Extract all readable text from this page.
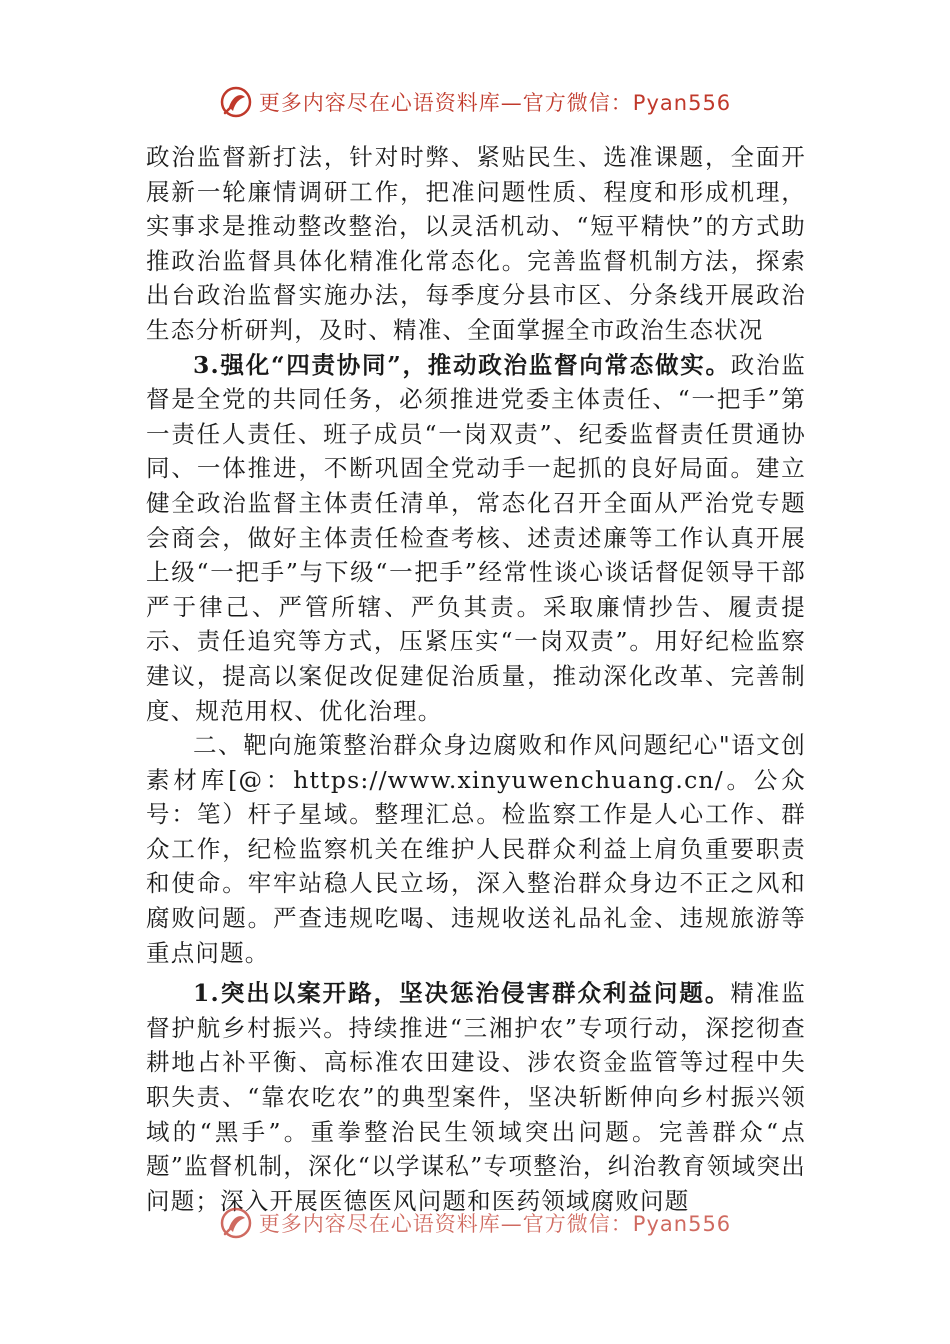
更多内容尽在心语资料库—官方微信：Pyan556

政治监督新打法，针对时弊、紧贴民生、选准课题，全面开展新一轮廉情调研工作，把准问题性质、程度和形成机理，实事求是推动整改整治，以灵活机动、“短平精快”的方式助推政治监督具体化精准化常态化。完善监督机制方法，探索出台政治监督实施办法，每季度分县市区、分条线开展政治生态分析研判，及时、精准、全面掌握全市政治生态状况

3.强化“四责协同”，推动政治监督向常态做实。政治监督是全党的共同任务，必须推进党委主体责任、“一把手”第一责任人责任、班子成员“一岗双责”、纪委监督责任贯通协同、一体推进，不断巩固全党动手一起抓的良好局面。建立健全政治监督主体责任清单，常态化召开全面从严治党专题会商会，做好主体责任检查考核、述责述廉等工作认真开展上级“一把手”与下级“一把手”经常性谈心谈话督促领导干部严于律己、严管所辖、严负其责。采取廉情抄告、履责提示、责任追究等方式，压紧压实“一岗双责”。用好纪检监察建议，提高以案促改促建促治质量，推动深化改革、完善制度、规范用权、优化治理。

二、靶向施策整治群众身边腐败和作风问题纪心"语文创素材库[@：https://www.xinyuwenchuang.cn/。公众号：笔）杆子星域。整理汇总。检监察工作是人心工作、群众工作，纪检监察机关在维护人民群众利益上肩负重要职责和使命。牢牢站稳人民立场，深入整治群众身边不正之风和腐败问题。严查违规吃喝、违规收送礼品礼金、违规旅游等重点问题。

1.突出以案开路，坚决惩治侵害群众利益问题。精准监督护航乡村振兴。持续推进“三湘护农”专项行动，深挖彻查耕地占补平衡、高标准农田建设、涉农资金监管等过程中失职失责、“靠农吃农”的典型案件，坚决斩断伸向乡村振兴领域的“黑手”。重拳整治民生领域突出问题。完善群众“点题”监督机制，深化“以学谋私”专项整治，纠治教育领域突出问题；深入开展医德医风问题和医药领域腐败问题

更多内容尽在心语资料库—官方微信：Pyan556
